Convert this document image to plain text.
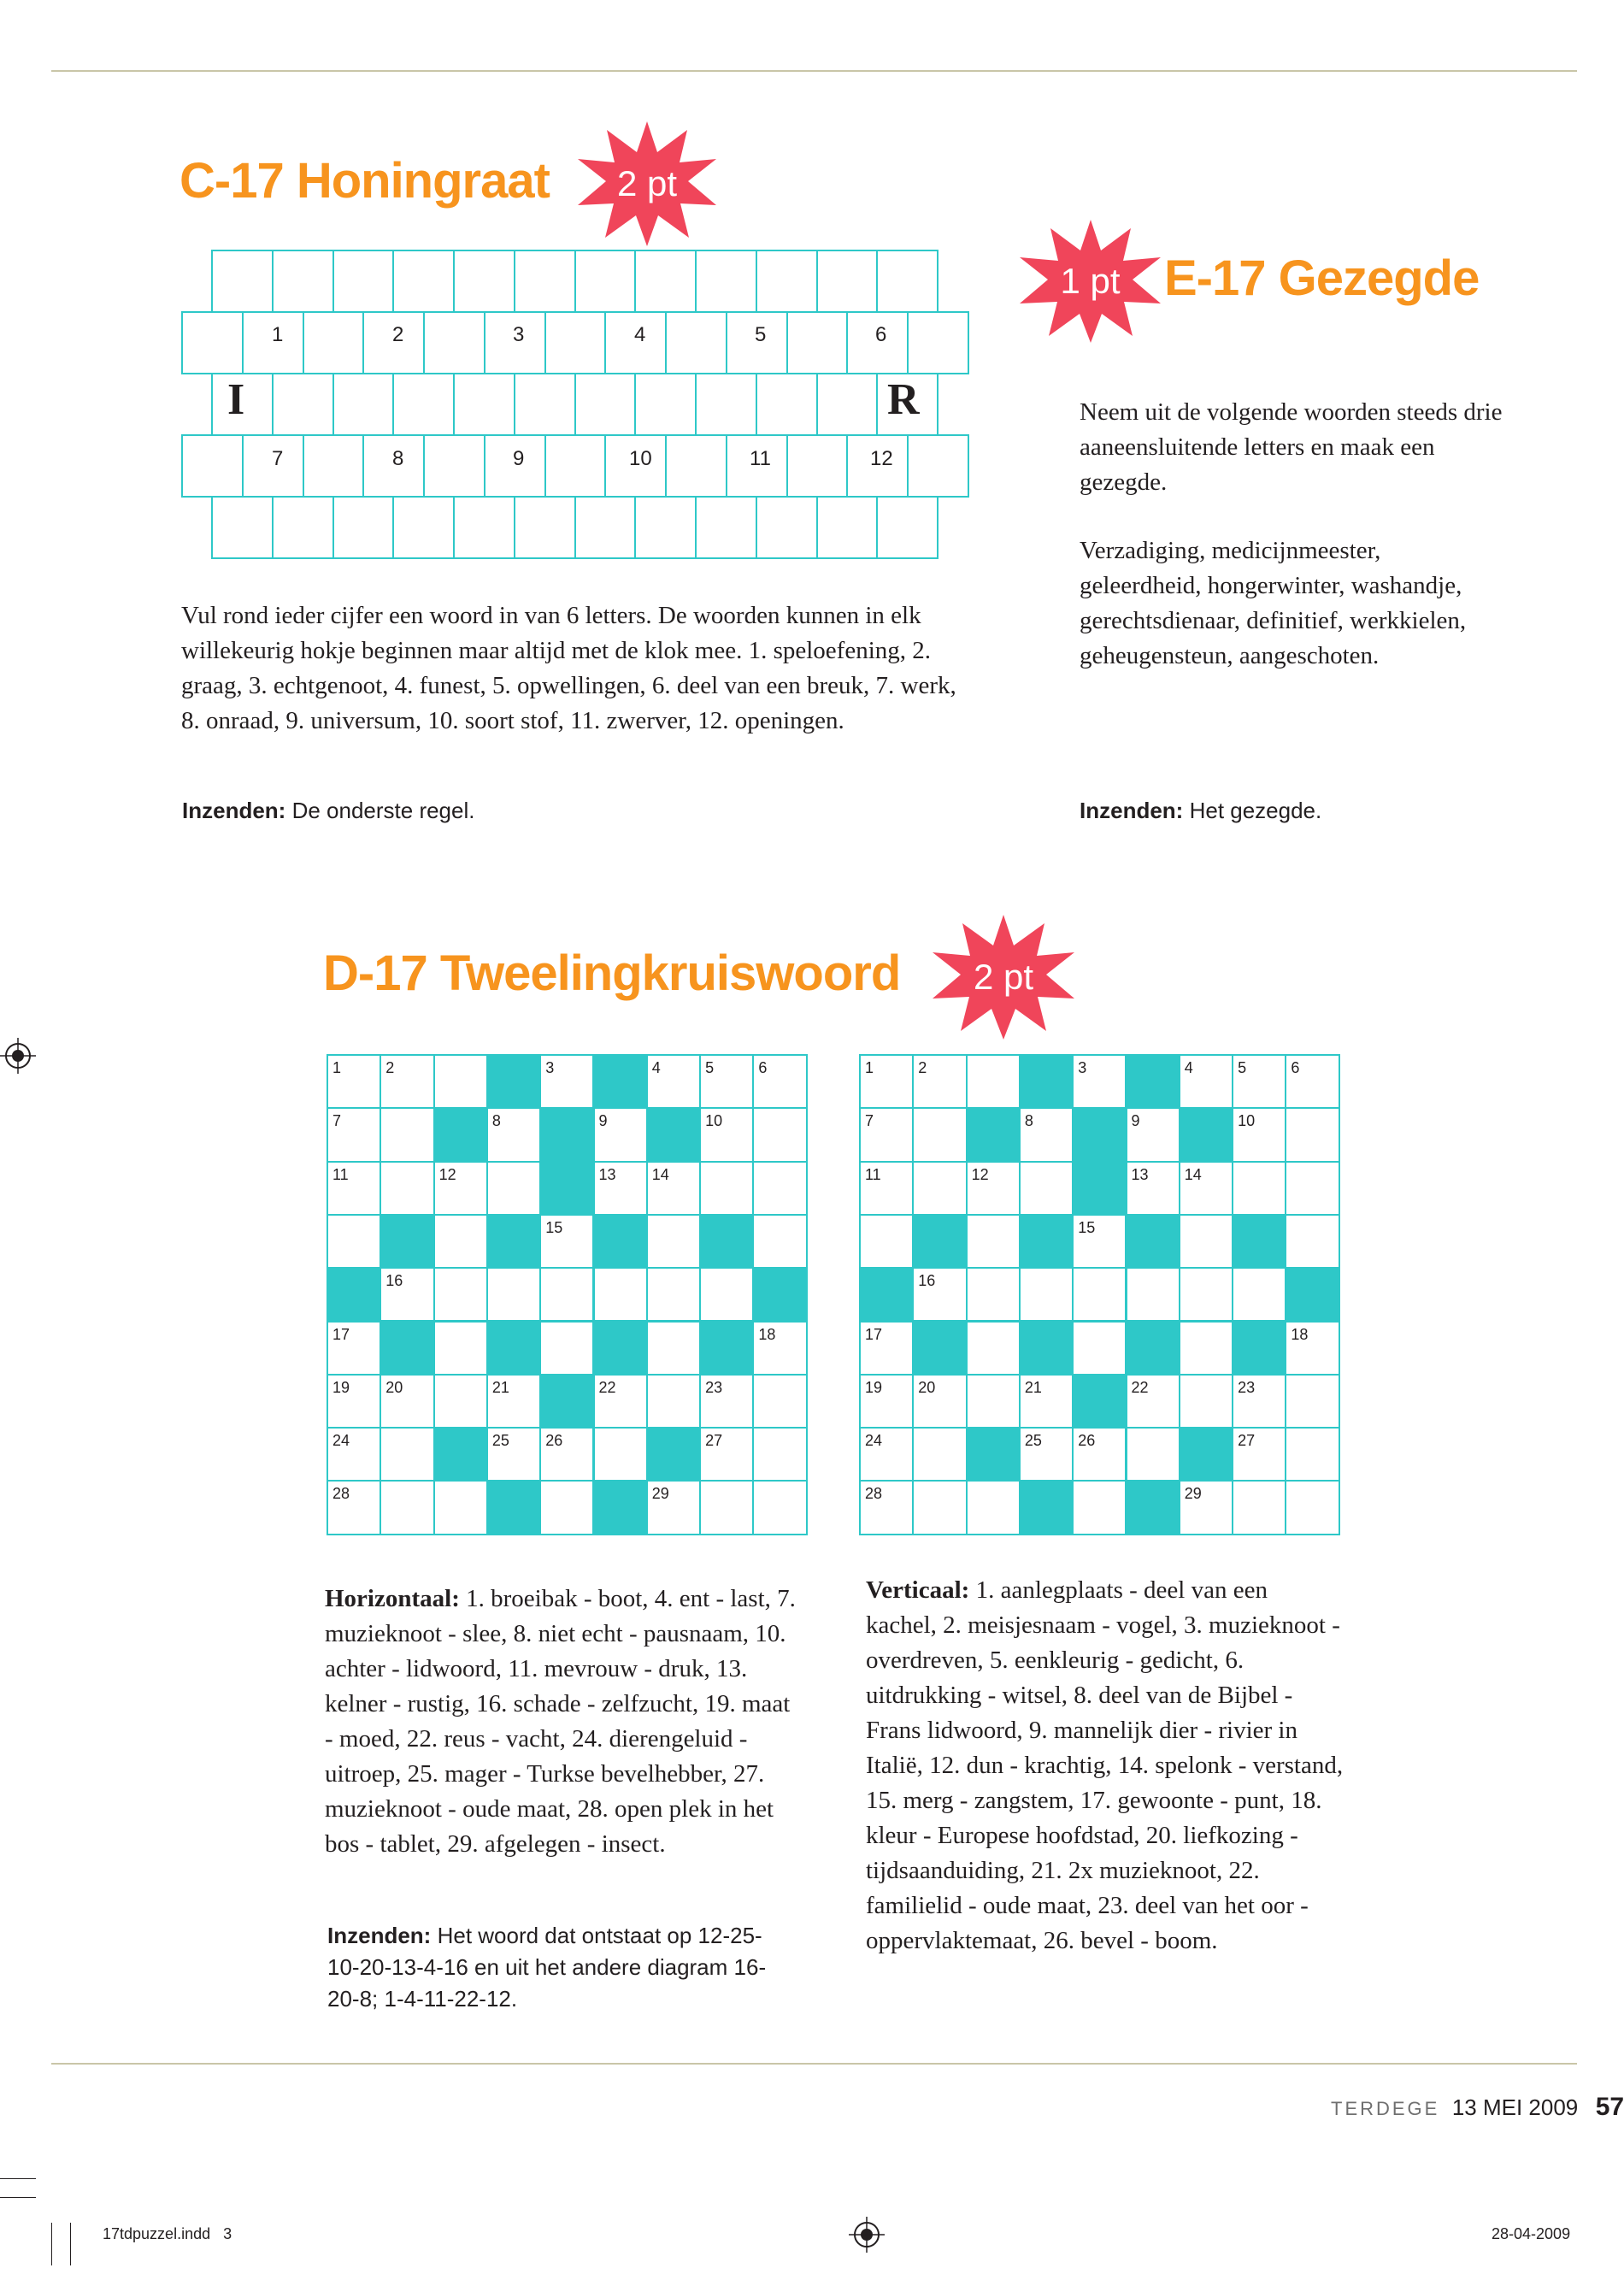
C-17 Honingraat	2 pt
Vul rond ieder cijfer een woord in van 6 letters. De woorden kunnen in elk willekeurig hokje beginnen maar altijd met de klok mee. 1. speloefening, 2. graag, 3. echtgenoot, 4. funest, 5. opwellingen, 6. deel van een breuk, 7. werk, 8. onraad, 9. universum, 10. soort stof, 11. zwerver, 12. openingen.
Inzenden: De onderste regel.
1 pt E-17 Gezegde
Neem uit de volgende woorden steeds drie aaneensluitende letters en maak een gezegde.
Verzadiging, medicijnmeester, geleerdheid, hongerwinter, washandje, gerechtsdienaar, definitief, werkkielen, geheugensteun, aangeschoten.
Inzenden: Het gezegde.
D-17 Tweelingkruiswoord	2 pt
1	2	3	4	5	6
7	8	9	10
11	12	13 14
15
16
17	18
19 20	21	22	23
24	25 26	27
28	29
1	2	3	4	5	6
7	8	9	10
11	12	13 14
15
16
17	18
19 20	21	22	23
24	25 26	27
28	29
Horizontaal: 1. broeibak - boot, 4. ent - last, 7. muzieknoot - slee, 8. niet echt - pausnaam, 10. achter - lidwoord, 11. mevrouw - druk, 13. kelner - rustig, 16. schade - zelfzucht, 19. maat - moed, 22. reus - vacht, 24. dierengeluid - uitroep, 25. mager - Turkse bevelhebber, 27. muzieknoot - oude maat, 28. open plek in het bos - tablet, 29. afgelegen - insect.
Verticaal: 1. aanlegplaats - deel van een kachel, 2. meisjesnaam - vogel, 3. muzieknoot - overdreven, 5. eenkleurig - gedicht, 6. uitdrukking - witsel, 8. deel van de Bijbel - Frans lidwoord, 9. mannelijk dier - rivier in Italië, 12. dun - krachtig, 14. spelonk - verstand, 15. merg - zangstem, 17. gewoonte - punt, 18. kleur - Europese hoofdstad, 20. liefkozing - tijdsaanduiding, 21. 2x muzieknoot, 22. familielid - oude maat, 23. deel van het oor - oppervlaktemaat, 26. bevel - boom.
Inzenden: Het woord dat ontstaat op 12-25-10-20-13-4-16 en uit het andere diagram 16-20-8; 1-4-11-22-12.
TERDEGE 13 MEI 2009 57
17tdpuzzel.indd   3	28-04-2009
1	2	3	4	5	6
7	8	9	10	11	12
I	R
